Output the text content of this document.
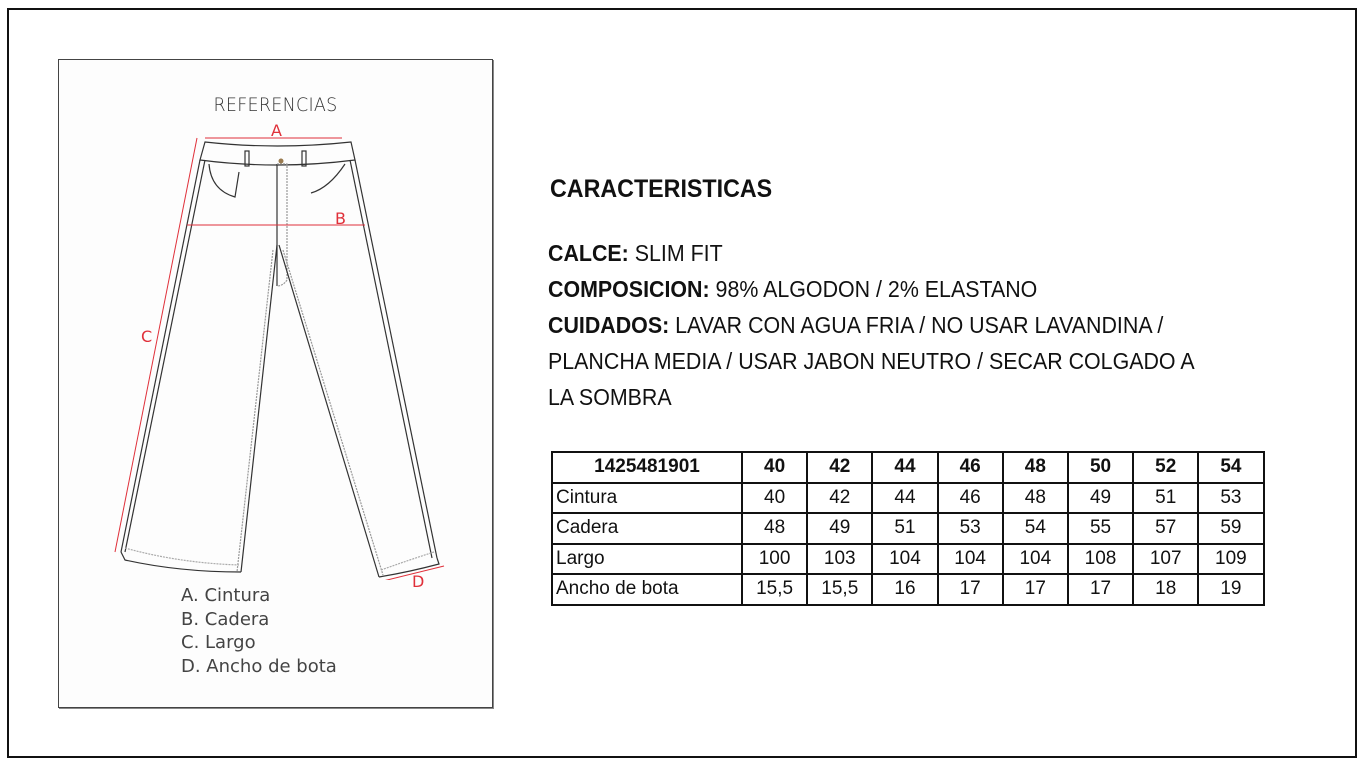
REFERENCIAS
A
B
C
D
A. Cintura
B. Cadera
C. Largo
D. Ancho de bota
CARACTERISTICAS
CALCE: SLIM FIT
COMPOSICION: 98% ALGODON / 2% ELASTANO
CUIDADOS: LAVAR CON AGUA FRIA / NO USAR LAVANDINA / PLANCHA MEDIA / USAR JABON NEUTRO / SECAR COLGADO A LA SOMBRA
1425481901	40	42	44	46	48	50	52	54
Cintura	40	42	44	46	48	49	51	53
Cadera	48	49	51	53	54	55	57	59
Largo	100	103	104	104	104	108	107	109
Ancho de bota	15,5	15,5	16	17	17	17	18	19
